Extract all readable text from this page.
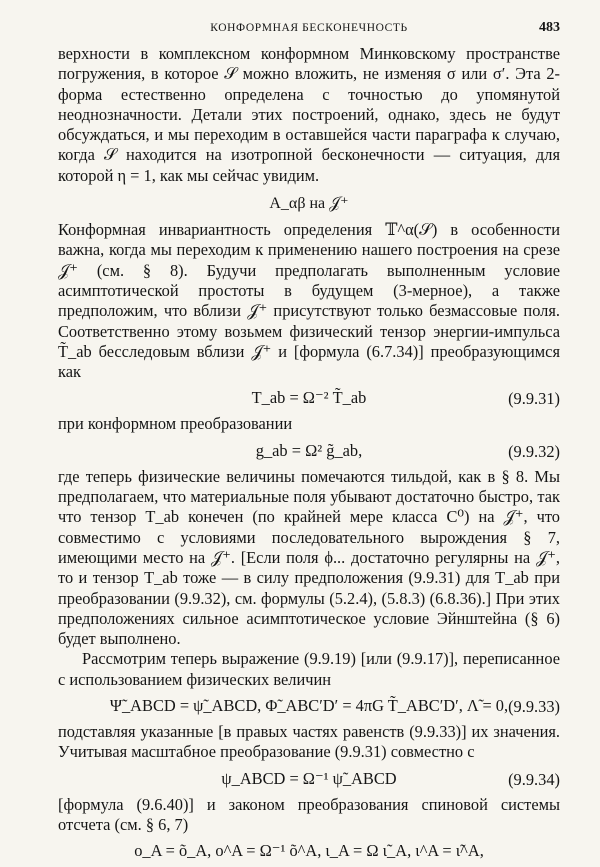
КОНФОРМНАЯ БЕСКОНЕЧНОСТЬ	483

верхности в комплексном конформном Минковскому пространстве погружения, в которое 𝒮 можно вложить, не изменяя σ или σ′. Эта 2-форма естественно определена с точностью до упомянутой неоднозначности. Детали этих построений, однако, здесь не будут обсуждаться, и мы переходим в оставшейся части параграфа к случаю, когда 𝒮 находится на изотропной бесконечности — ситуация, для которой η = 1, как мы сейчас увидим.

A_αβ на 𝒥⁺

Конформная инвариантность определения 𝕋^α(𝒮) в особенности важна, когда мы переходим к применению нашего построения на срезе 𝒥⁺ (см. § 8). Будучи предполагать выполненным условие асимптотической простоты в будущем (3-мерное), а также предположим, что вблизи 𝒥⁺ присутствуют только безмассовые поля. Соответственно этому возьмем физический тензор энергии-импульса T̃_ab бесследовым вблизи 𝒥⁺ и [формула (6.7.34)] преобразующимся как

T_ab = Ω⁻² T̃_ab	(9.9.31)

при конформном преобразовании

g_ab = Ω² g̃_ab,	(9.9.32)

где теперь физические величины помечаются тильдой, как в § 8. Мы предполагаем, что материальные поля убывают достаточно быстро, так что тензор T_ab конечен (по крайней мере класса C⁰) на 𝒥⁺, что совместимо с условиями последовательного вырождения § 7, имеющими место на 𝒥⁺. [Если поля ϕ... достаточно регулярны на 𝒥⁺, то и тензор T_ab тоже — в силу предположения (9.9.31) для T_ab при преобразовании (9.9.32), см. формулы (5.2.4), (5.8.3) (6.8.36).] При этих предположениях сильное асимптотическое условие Эйнштейна (§ 6) будет выполнено.

Рассмотрим теперь выражение (9.9.19) [или (9.9.17)], переписанное с использованием физических величин

Ψ̃_ABCD = ψ̃_ABCD, Φ̃_ABC′D′ = 4πG T̃_ABC′D′, Λ̃ = 0, (9.9.33)

подставляя указанные [в правых частях равенств (9.9.33)] их значения. Учитывая масштабное преобразование (9.9.31) совместно с

ψ_ABCD = Ω⁻¹ ψ̃_ABCD	(9.9.34)

[формула (9.6.40)] и законом преобразования спиновой системы отсчета (см. § 6, 7)

o_A = õ_A, o^A = Ω⁻¹ õ^A, ι_A = Ω ι̃_A, ι^A = ι̃^A,
